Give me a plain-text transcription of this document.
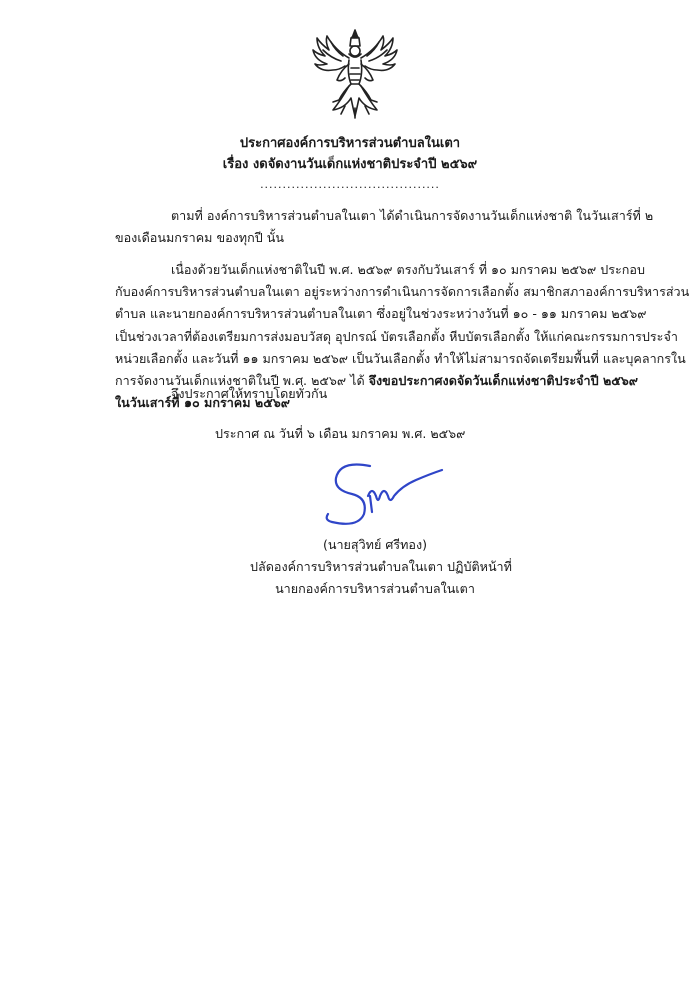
ประกาศองค์การบริหารส่วนตำบลในเตา
เรื่อง งดจัดงานวันเด็กแห่งชาติประจำปี ๒๕๖๙
........................................
ตามที่ องค์การบริหารส่วนตำบลในเตา ได้ดำเนินการจัดงานวันเด็กแห่งชาติ ในวันเสาร์ที่ ๒
ของเดือนมกราคม ของทุกปี นั้น
เนื่องด้วยวันเด็กแห่งชาติในปี พ.ศ. ๒๕๖๙ ตรงกับวันเสาร์ ที่ ๑๐ มกราคม ๒๕๖๙ ประกอบ
กับองค์การบริหารส่วนตำบลในเตา อยู่ระหว่างการดำเนินการจัดการเลือกตั้ง สมาชิกสภาองค์การบริหารส่วน
ตำบล และนายกองค์การบริหารส่วนตำบลในเตา ซึ่งอยู่ในช่วงระหว่างวันที่ ๑๐ - ๑๑ มกราคม ๒๕๖๙
เป็นช่วงเวลาที่ต้องเตรียมการส่งมอบวัสดุ อุปกรณ์ บัตรเลือกตั้ง หีบบัตรเลือกตั้ง ให้แก่คณะกรรมการประจำ
หน่วยเลือกตั้ง และวันที่ ๑๑ มกราคม ๒๕๖๙ เป็นวันเลือกตั้ง ทำให้ไม่สามารถจัดเตรียมพื้นที่ และบุคลากรใน
การจัดงานวันเด็กแห่งชาติในปี พ.ศ. ๒๕๖๙ ได้ จึงขอประกาศงดจัดวันเด็กแห่งชาติประจำปี ๒๕๖๙
ในวันเสาร์ที่ ๑๐ มกราคม ๒๕๖๙
จึงประกาศให้ทราบโดยทั่วกัน
ประกาศ ณ วันที่ ๖ เดือน มกราคม พ.ศ. ๒๕๖๙
(นายสุวิทย์ ศรีทอง)
ปลัดองค์การบริหารส่วนตำบลในเตา ปฏิบัติหน้าที่
นายกองค์การบริหารส่วนตำบลในเตา
